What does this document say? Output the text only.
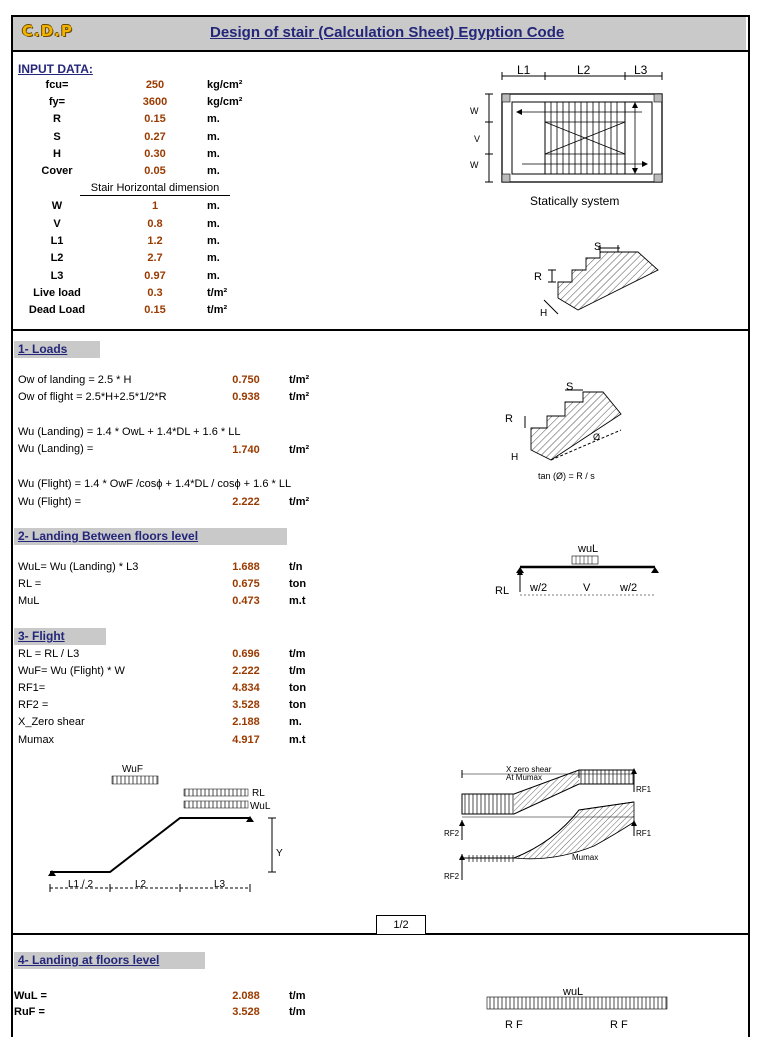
C.D.P	Design of stair (Calculation Sheet) Egyption Code
INPUT DATA:
fcu=	250	kg/cm²
fy=	3600	kg/cm²
R	0.15	m.
S	0.27	m.
H	0.30	m.
Cover	0.05	m.
Stair Horizontal dimension
W	1	m.
V	0.8	m.
L1	1.2	m.
L2	2.7	m.
L3	0.97	m.
Live load	0.3	t/m²
Dead Load	0.15	t/m²
L1	L2	L3
W
V
W
Statically system
S
R
H
S
R
H
Ø
tan (Ø) = R / s
1- Loads
Ow of landing = 2.5 * H	0.750	t/m²
Ow of flight = 2.5*H+2.5*1/2*R	0.938	t/m²
Wu (Landing) = 1.4 * OwL + 1.4*DL + 1.6 * LL
Wu (Landing) =	1.740	t/m²
Wu (Flight) = 1.4 * OwF /cosϕ + 1.4*DL / cosϕ + 1.6 * LL
Wu (Flight) =	2.222	t/m²
2- Landing Between floors level
WuL= Wu (Landing) * L3	1.688	t/n
RL =	0.675	ton
MuL	0.473	m.t
wuL
RL w/2	V	w/2
3- Flight
RL = RL / L3	0.696	t/m
WuF= Wu (Flight) * W	2.222	t/m
RF1=	4.834	ton
RF2 =	3.528	ton
X_Zero shear	2.188	m.
Mumax	4.917	m.t
WuF
RL
WuL
Y
L1 / 2	L2	L3
X zero shear
At Mumax
RF1
RF2	RF1
RF2
Mumax
1/2
4- Landing at floors level
WuL =	2.088	t/m
RuF =	3.528	t/m
wuL
R F	R F
